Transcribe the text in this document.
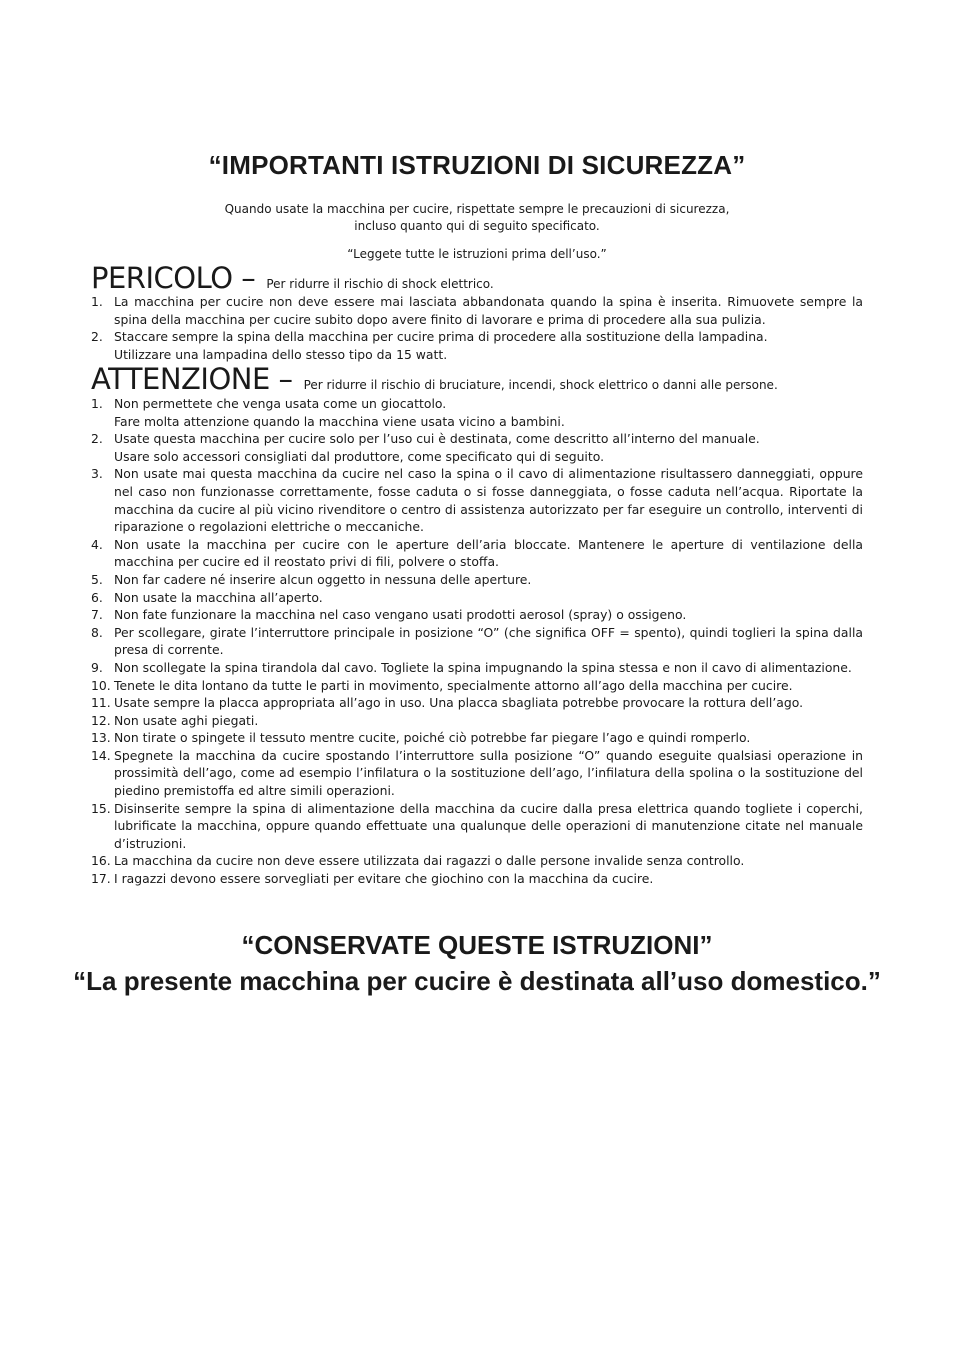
“IMPORTANTI ISTRUZIONI DI SICUREZZA”

Quando usate la macchina per cucire, rispettate sempre le precauzioni di sicurezza,
incluso quanto qui di seguito specificato.

“Leggete tutte le istruzioni prima dell’uso.”

PERICOLO – Per ridurre il rischio di shock elettrico.
1. La macchina per cucire non deve essere mai lasciata abbandonata quando la spina è inserita. Rimuovete sempre la spina della macchina per cucire subito dopo avere finito di lavorare e prima di procedere alla sua pulizia.
2. Staccare sempre la spina della macchina per cucire prima di procedere alla sostituzione della lampadina.
Utilizzare una lampadina dello stesso tipo da 15 watt.
ATTENZIONE – Per ridurre il rischio di bruciature, incendi, shock elettrico o danni alle persone.
1. Non permettete che venga usata come un giocattolo.
Fare molta attenzione quando la macchina viene usata vicino a bambini.
2. Usate questa macchina per cucire solo per l’uso cui è destinata, come descritto all’interno del manuale.
Usare solo accessori consigliati dal produttore, come specificato qui di seguito.
3. Non usate mai questa macchina da cucire nel caso la spina o il cavo di alimentazione risultassero danneggiati, oppure nel caso non funzionasse correttamente, fosse caduta o si fosse danneggiata, o fosse caduta nell’acqua. Riportate la macchina da cucire al più vicino rivenditore o centro di assistenza autorizzato per far eseguire un controllo, interventi di riparazione o regolazioni elettriche o meccaniche.
4. Non usate la macchina per cucire con le aperture dell’aria bloccate. Mantenere le aperture di ventilazione della macchina per cucire ed il reostato privi di fili, polvere o stoffa.
5. Non far cadere né inserire alcun oggetto in nessuna delle aperture.
6. Non usate la macchina all’aperto.
7. Non fate funzionare la macchina nel caso vengano usati prodotti aerosol (spray) o ossigeno.
8. Per scollegare, girate l’interruttore principale in posizione “O” (che significa OFF = spento), quindi toglieri la spina dalla presa di corrente.
9. Non scollegate la spina tirandola dal cavo. Togliete la spina impugnando la spina stessa e non il cavo di alimentazione.
10. Tenete le dita lontano da tutte le parti in movimento, specialmente attorno all’ago della macchina per cucire.
11. Usate sempre la placca appropriata all’ago in uso. Una placca sbagliata potrebbe provocare la rottura dell’ago.
12. Non usate aghi piegati.
13. Non tirate o spingete il tessuto mentre cucite, poiché ciò potrebbe far piegare l’ago e quindi romperlo.
14. Spegnete la macchina da cucire spostando l’interruttore sulla posizione “O” quando eseguite qualsiasi operazione in prossimità dell’ago, come ad esempio l’infilatura o la sostituzione dell’ago, l’infilatura della spolina o la sostituzione del piedino premistoffa ed altre simili operazioni.
15. Disinserite sempre la spina di alimentazione della macchina da cucire dalla presa elettrica quando togliete i coperchi, lubrificate la macchina, oppure quando effettuate una qualunque delle operazioni di manutenzione citate nel manuale d’istruzioni.
16. La macchina da cucire non deve essere utilizzata dai ragazzi o dalle persone invalide senza controllo.
17. I ragazzi devono essere sorvegliati per evitare che giochino con la macchina da cucire.
“CONSERVATE QUESTE ISTRUZIONI”
“La presente macchina per cucire è destinata all’uso domestico.”
